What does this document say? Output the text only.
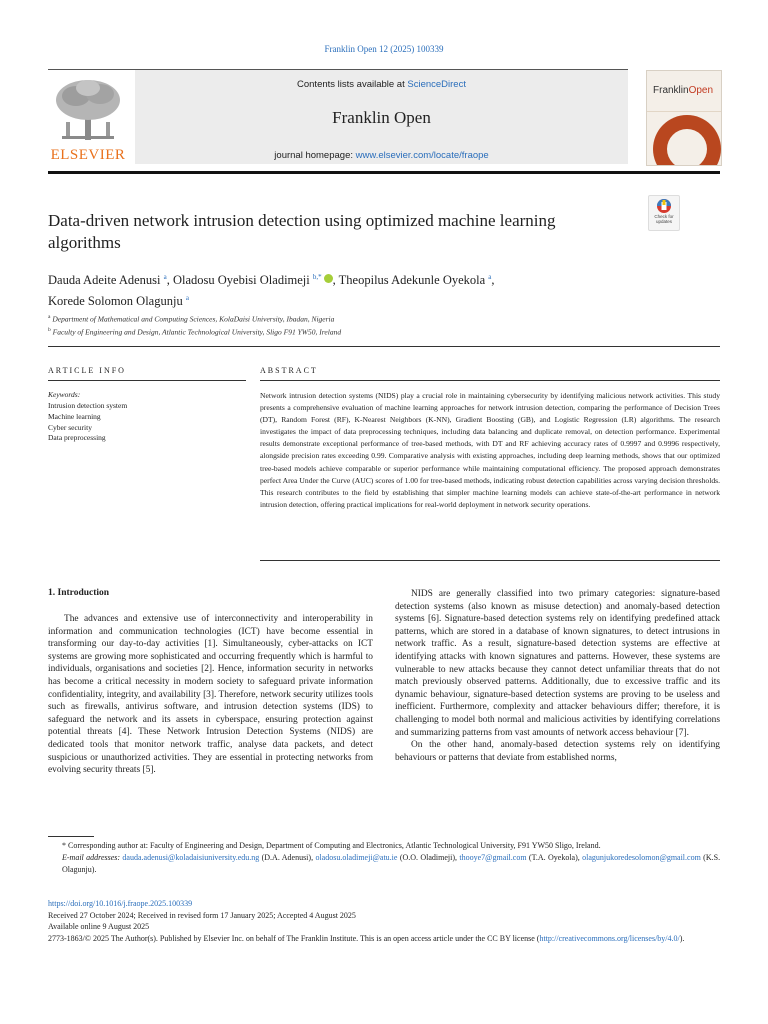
Franklin Open 12 (2025) 100339
ELSEVIER
Contents lists available at ScienceDirect
Franklin Open
journal homepage: www.elsevier.com/locate/fraope

FranklinOpen
Data-driven network intrusion detection using optimized machine learning algorithms
Check for updates
Dauda Adeite Adenusi $^a$, Oladosu Oyebisi Oladimeji $^{b,*}$ , Theopilus Adekunle Oyekola $^a$,
Korede Solomon Olagunju $^a$
$^a$ Department of Mathematical and Computing Sciences, KolaDaisi University, Ibadan, Nigeria
$^b$ Faculty of Engineering and Design, Atlantic Technological University, Sligo F91 YW50, Ireland
ARTICLE INFO	ABSTRACT
Keywords:
Intrusion detection system
Machine learning
Cyber security
Data preprocessing

Network intrusion detection systems (NIDS) play a crucial role in maintaining cybersecurity by identifying malicious network activities. This study presents a comprehensive evaluation of machine learning approaches for network intrusion detection, comparing the performance of Decision Trees (DT), Random Forest (RF), K-Nearest Neighbors (K-NN), Gradient Boosting (GB), and Logistic Regression (LR) algorithms. The research investigates the impact of data preprocessing techniques, including data balancing and duplicate removal, on detection performance. Experimental results demonstrate exceptional performance of tree-based methods, with DT and RF achieving accuracy rates of 0.9997 and 0.9996 respectively, alongside precision rates exceeding 0.99. Comparative analysis with existing approaches, including deep learning methods, shows that our optimized tree-based models achieve comparable or superior performance while maintaining computational efficiency. The proposed approach demonstrates perfect Area Under the Curve (AUC) scores of 1.00 for tree-based methods, indicating robust detection capabilities across varying decision thresholds. This research contributes to the field by establishing that simpler machine learning models can achieve state-of-the-art performance in network intrusion detection, offering practical implications for real-world deployment in network security operations.

1. Introduction

The advances and extensive use of interconnectivity and interoperability in information and communication technologies (ICT) have become essential in transforming our day-to-day activities [1]. Simultaneously, cyber-attacks on ICT systems are growing more sophisticated and occurring frequently which is harmful to individuals, organisations and societies [2]. Hence, information security in networks has become a critical necessity in modern society to safeguard private information confidentiality, integrity, and availability [3]. Therefore, network security utilizes tools such as firewalls, antivirus software, and intrusion detection systems (IDS) to safeguard the network and its assets in cyberspace, ensuring protection against potential threats [4]. These Network Intrusion Detection Systems (NIDS) are dedicated tools that monitor network traffic, analyse data packets, and detect suspicious or unauthorized activities. They are essential in protecting networks from evolving security threats [5].

NIDS are generally classified into two primary categories: signature-based detection systems (also known as misuse detection) and anomaly-based detection systems [6]. Signature-based detection systems rely on identifying predefined attack patterns, which are stored in a database of known signatures, to detect intrusions in network traffic. As a result, signature-based detection systems are effective at identifying attacks with known signatures and patterns. However, these systems are vulnerable to new attacks because they cannot detect unfamiliar threats that do not match previously observed patterns. Additionally, due to excessive traffic and its dynamic behaviour, signature-based detection systems are proving to be useless and inefficient. Furthermore, complexity and attacker behaviours differ; therefore, it is challenging to model both normal and malicious activities by identifying correlations and summarizing patterns from vast amounts of network access behaviour [7].

On the other hand, anomaly-based detection systems rely on identifying behaviours or patterns that deviate from established norms,

* Corresponding author at: Faculty of Engineering and Design, Department of Computing and Electronics, Atlantic Technological University, F91 YW50 Sligo, Ireland.

E-mail addresses: dauda.adenusi@koladaisiuniversity.edu.ng (D.A. Adenusi), oladosu.oladimeji@atu.ie (O.O. Oladimeji), thooye7@gmail.com (T.A. Oyekola), olagunjukoredesolomon@gmail.com (K.S. Olagunju).

https://doi.org/10.1016/j.fraope.2025.100339

Received 27 October 2024; Received in revised form 17 January 2025; Accepted 4 August 2025

Available online 9 August 2025

2773-1863/© 2025 The Author(s). Published by Elsevier Inc. on behalf of The Franklin Institute. This is an open access article under the CC BY license (http://creativecommons.org/licenses/by/4.0/).
